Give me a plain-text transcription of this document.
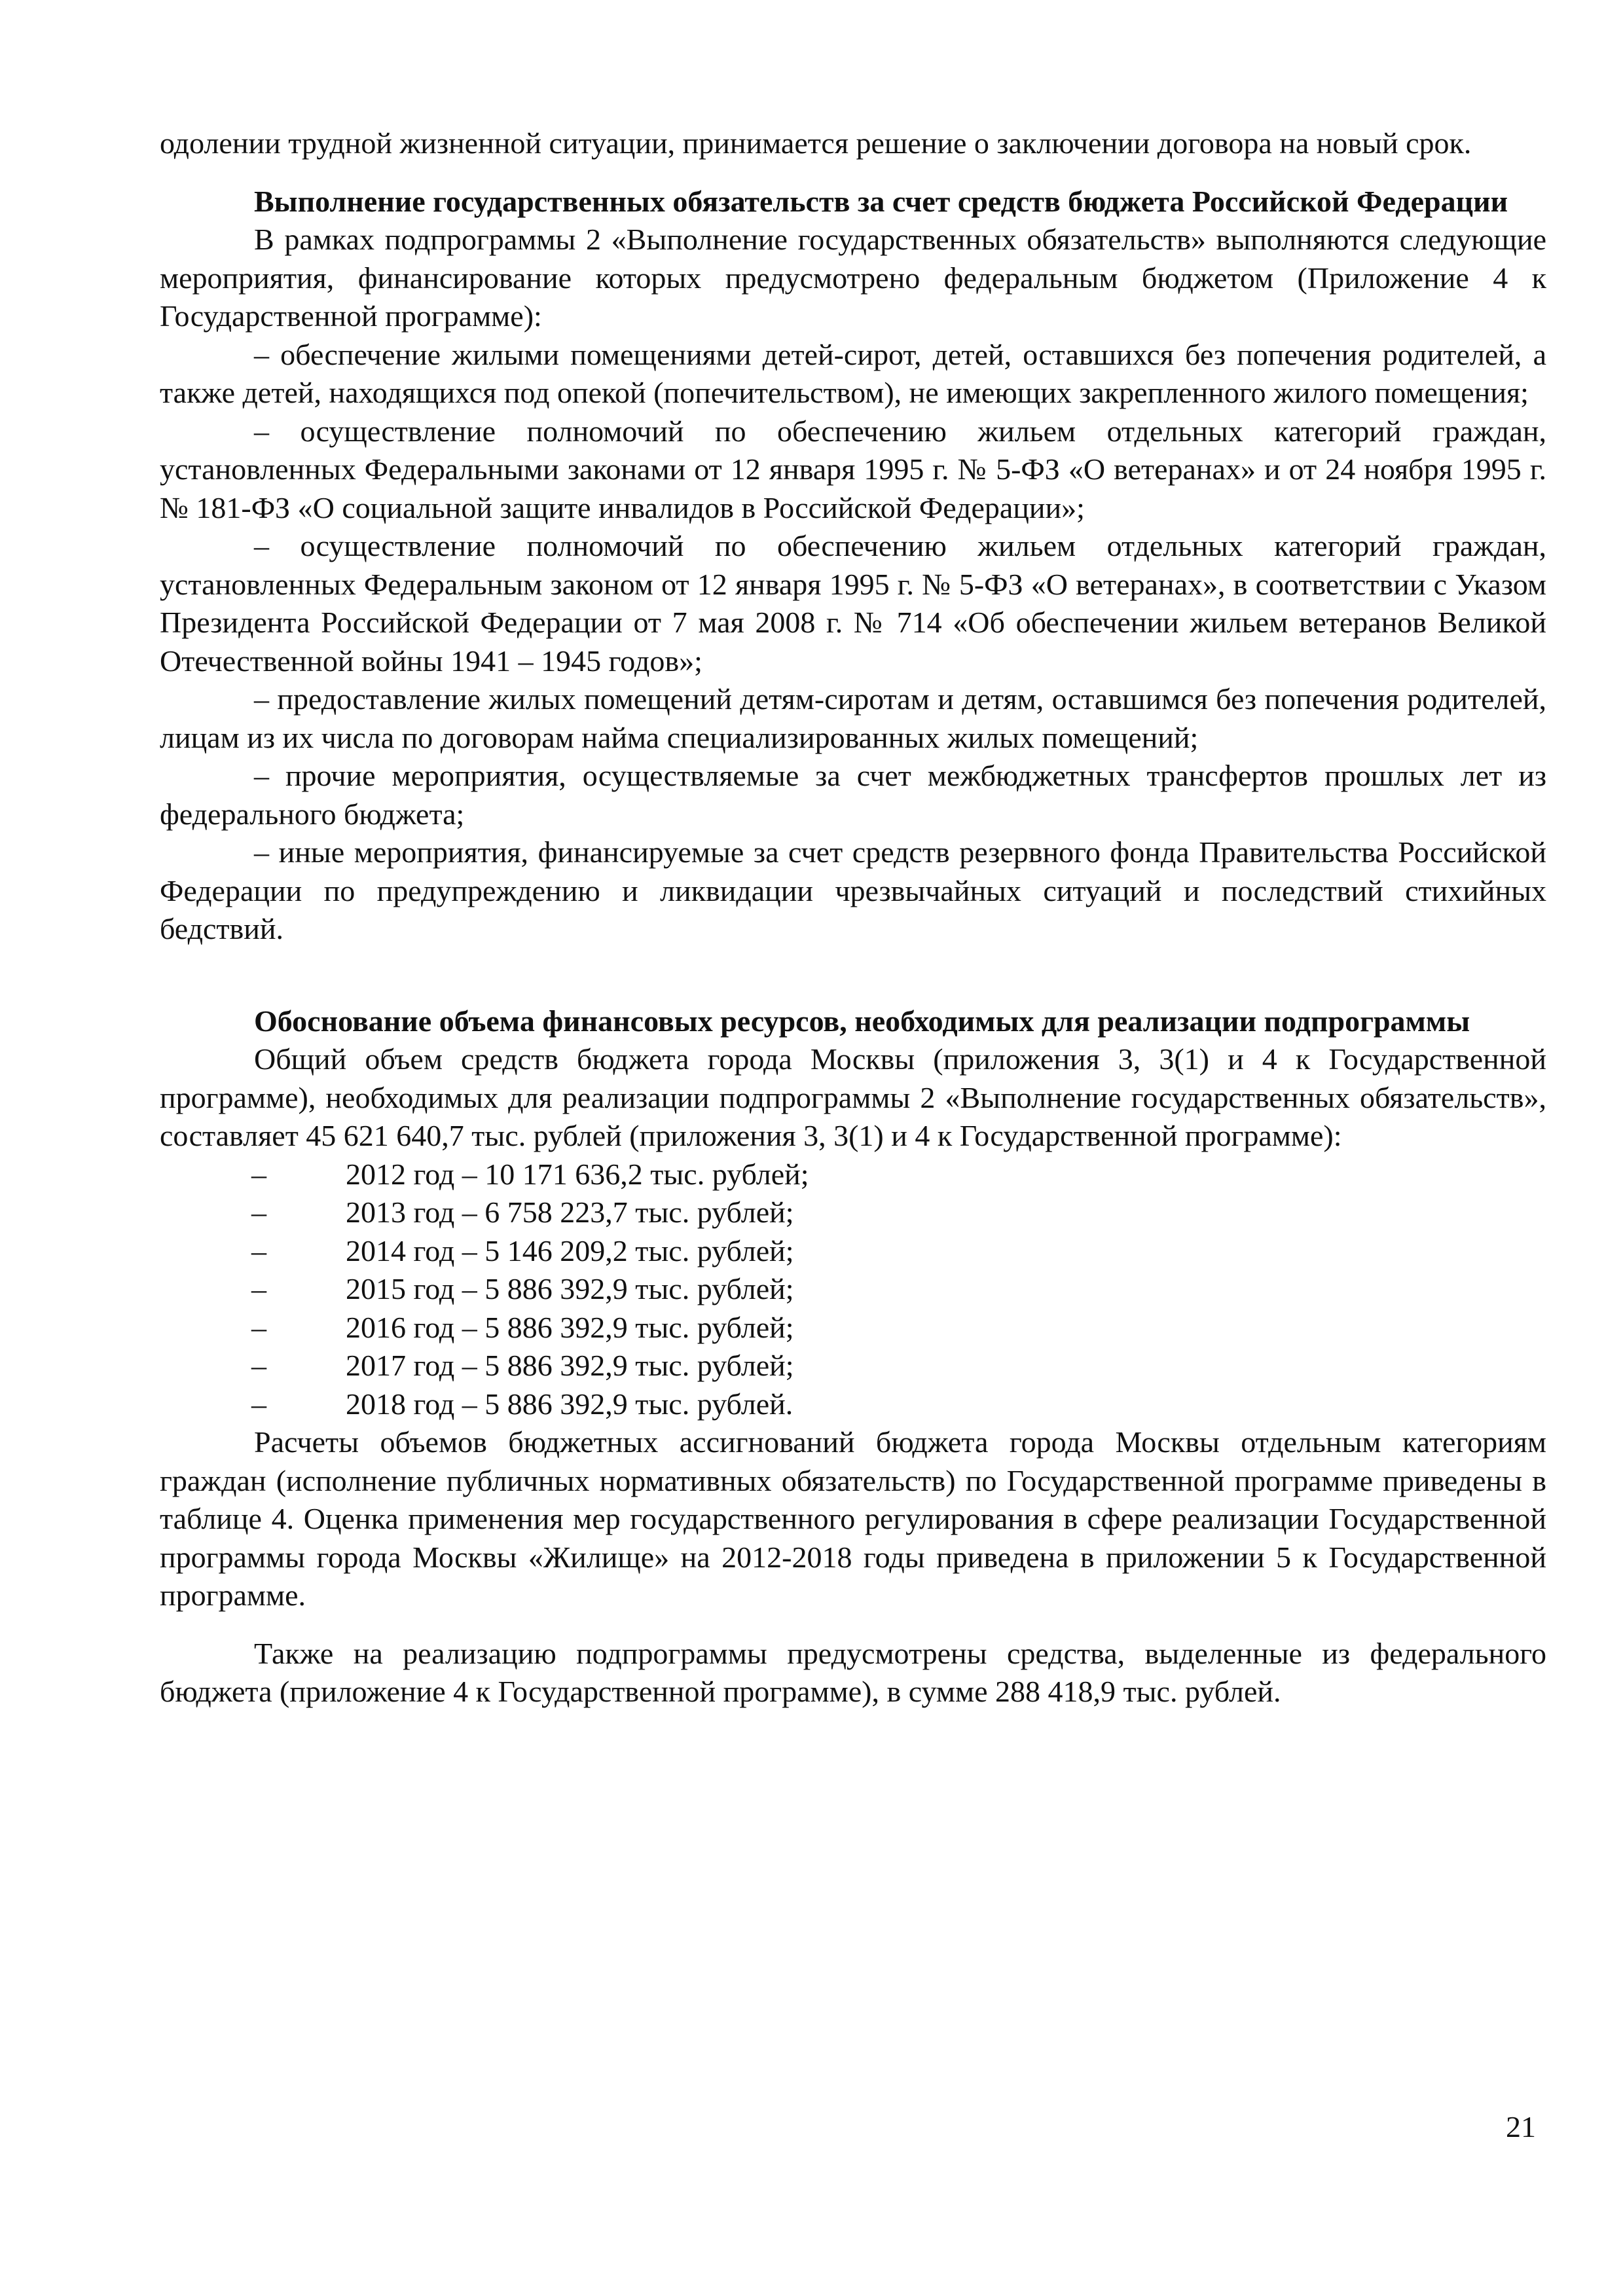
одолении трудной жизненной ситуации, принимается решение о заключении договора на новый срок.

Выполнение государственных обязательств за счет средств бюджета Российской Федерации

В рамках подпрограммы 2 «Выполнение государственных обязательств» выполняются следующие мероприятия, финансирование которых предусмотрено федеральным бюджетом (Приложение 4 к Государственной программе):

– обеспечение жилыми помещениями детей-сирот, детей, оставшихся без попечения родителей, а также детей, находящихся под опекой (попечительством), не имеющих закрепленного жилого помещения;

– осуществление полномочий по обеспечению жильем отдельных категорий граждан, установленных Федеральными законами от 12 января 1995 г. № 5-ФЗ «О ветеранах» и от 24 ноября 1995 г. № 181-ФЗ «О социальной защите инвалидов в Российской Федерации»;

– осуществление полномочий по обеспечению жильем отдельных категорий граждан, установленных Федеральным законом от 12 января 1995 г. № 5-ФЗ «О ветеранах», в соответствии с Указом Президента Российской Федерации от 7 мая 2008 г. № 714 «Об обеспечении жильем ветеранов Великой Отечественной войны 1941 – 1945 годов»;

– предоставление жилых помещений детям-сиротам и детям, оставшимся без попечения родителей, лицам из их числа по договорам найма специализированных жилых помещений;

– прочие мероприятия, осуществляемые за счет межбюджетных трансфертов прошлых лет из федерального бюджета;

– иные мероприятия, финансируемые за счет средств резервного фонда Правительства Российской Федерации по предупреждению и ликвидации чрезвычайных ситуаций и последствий стихийных бедствий.

Обоснование объема финансовых ресурсов, необходимых для реализации подпрограммы

Общий объем средств бюджета города Москвы (приложения 3, 3(1) и 4 к Государственной программе), необходимых для реализации подпрограммы 2 «Выполнение государственных обязательств», составляет 45 621 640,7 тыс. рублей (приложения 3, 3(1) и 4 к Государственной программе):

–	2012 год – 10 171 636,2 тыс. рублей;
–	2013 год – 6 758 223,7 тыс. рублей;
–	2014 год – 5 146 209,2 тыс. рублей;
–	2015 год – 5 886 392,9 тыс. рублей;
–	2016 год – 5 886 392,9 тыс. рублей;
–	2017 год – 5 886 392,9 тыс. рублей;
–	2018 год – 5 886 392,9 тыс. рублей.

Расчеты объемов бюджетных ассигнований бюджета города Москвы отдельным категориям граждан (исполнение публичных нормативных обязательств) по Государственной программе приведены в таблице 4. Оценка применения мер государственного регулирования в сфере реализации Государственной программы города Москвы «Жилище» на 2012-2018 годы приведена в приложении 5 к Государственной программе.

Также на реализацию подпрограммы предусмотрены средства, выделенные из федерального бюджета (приложение 4 к Государственной программе), в сумме 288 418,9 тыс. рублей.

21
